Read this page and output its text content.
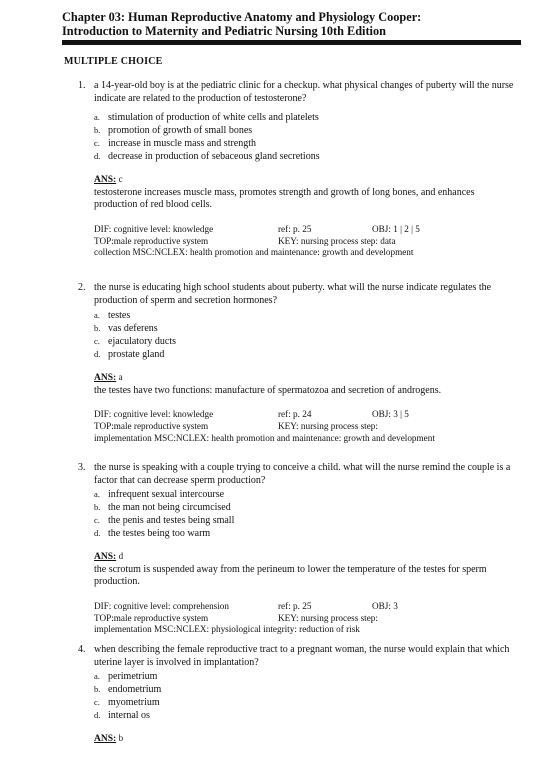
Chapter 03: Human Reproductive Anatomy and Physiology Cooper:
Introduction to Maternity and Pediatric Nursing 10th Edition
MULTIPLE CHOICE
1. a 14-year-old boy is at the pediatric clinic for a checkup. what physical changes of puberty will the nurse indicate are related to the production of testosterone?
a. stimulation of production of white cells and platelets
b. promotion of growth of small bones
c. increase in muscle mass and strength
d. decrease in production of sebaceous gland secretions
ANS: c
testosterone increases muscle mass, promotes strength and growth of long bones, and enhances production of red blood cells.
DIF: cognitive level: knowledge	ref: p. 25	OBJ: 1 | 2 | 5
TOP:male reproductive system	KEY: nursing process step: data
collection MSC:NCLEX: health promotion and maintenance: growth and development
2. the nurse is educating high school students about puberty. what will the nurse indicate regulates the production of sperm and secretion hormones?
a. testes
b. vas deferens
c. ejaculatory ducts
d. prostate gland
ANS: a
the testes have two functions: manufacture of spermatozoa and secretion of androgens.
DIF: cognitive level: knowledge	ref: p. 24	OBJ: 3 | 5
TOP:male reproductive system	KEY: nursing process step:
implementation MSC:NCLEX: health promotion and maintenance: growth and development
3. the nurse is speaking with a couple trying to conceive a child. what will the nurse remind the couple is a factor that can decrease sperm production?
a. infrequent sexual intercourse
b. the man not being circumcised
c. the penis and testes being small
d. the testes being too warm
ANS: d
the scrotum is suspended away from the perineum to lower the temperature of the testes for sperm production.
DIF: cognitive level: comprehension	ref: p. 25	OBJ: 3
TOP:male reproductive system	KEY: nursing process step:
implementation MSC:NCLEX: physiological integrity: reduction of risk
4. when describing the female reproductive tract to a pregnant woman, the nurse would explain that which uterine layer is involved in implantation?
a. perimetrium
b. endometrium
c. myometrium
d. internal os
ANS: b
